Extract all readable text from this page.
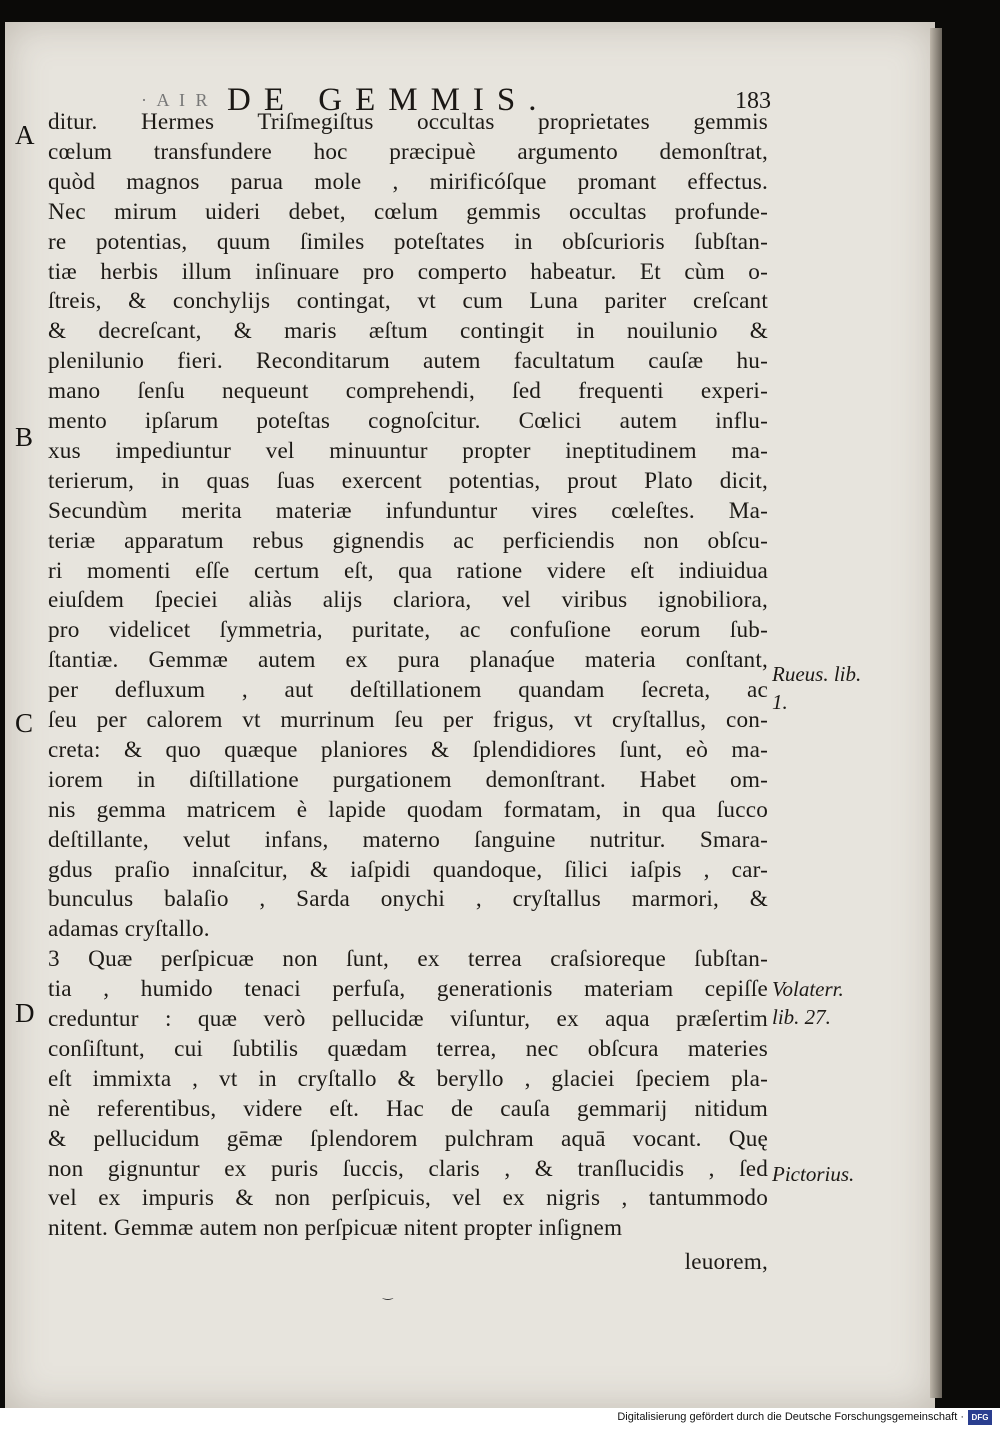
· A I R DE GEMMIS.	183
ditur. Hermes Triſmegiſtus occultas proprietates gemmis
cœlum transfundere hoc præcipuè argumento demonſtrat,
quòd magnos parua mole , mirificóſque promant effectus.
Nec mirum uideri debet, cœlum gemmis occultas profunde-
re potentias, quum ſimiles poteſtates in obſcurioris ſubſtan-
tiæ herbis illum inſinuare pro comperto habeatur. Et cùm o-
ſtreis, & conchylijs contingat, vt cum Luna pariter creſcant
& decreſcant, & maris æſtum contingit in nouilunio &
plenilunio fieri. Reconditarum autem facultatum cauſæ hu-
mano ſenſu nequeunt comprehendi, ſed frequenti experi-
mento ipſarum poteſtas cognoſcitur. Cœlici autem influ-
xus impediuntur vel minuuntur propter ineptitudinem ma-
terierum, in quas ſuas exercent potentias, prout Plato dicit,
Secundùm merita materiæ infunduntur vires cœleſtes. Ma-
teriæ apparatum rebus gignendis ac perficiendis non obſcu-
ri momenti eſſe certum eſt, qua ratione videre eſt indiuidua
eiuſdem ſpeciei aliàs alijs clariora, vel viribus ignobiliora,
pro videlicet ſymmetria, puritate, ac confuſione eorum ſub-
ſtantiæ. Gemmæ autem ex pura planaq́ue materia conſtant,
per defluxum , aut deſtillationem quandam ſecreta, ac
ſeu per calorem vt murrinum ſeu per frigus, vt cryſtallus, con-
creta: & quo quæque planiores & ſplendidiores ſunt, eò ma-
iorem in diſtillatione purgationem demonſtrant. Habet om-
nis gemma matricem è lapide quodam formatam, in qua ſucco
deſtillante, velut infans, materno ſanguine nutritur. Smara-
gdus praſio innaſcitur, & iaſpidi quandoque, ſilici iaſpis , car-
bunculus balaſio , Sarda onychi , cryſtallus marmori, &
adamas cryſtallo.
3 Quæ perſpicuæ non ſunt, ex terrea craſsioreque ſubſtan-
tia , humido tenaci perfuſa, generationis materiam cepiſſe
creduntur : quæ verò pellucidæ viſuntur, ex aqua præſertim
conſiſtunt, cui ſubtilis quædam terrea, nec obſcura materies
eſt immixta , vt in cryſtallo & beryllo , glaciei ſpeciem pla-
nè referentibus, videre eſt. Hac de cauſa gemmarij nitidum
& pellucidum gēmæ ſplendorem pulchram aquā vocant. Quę
non gignuntur ex puris ſuccis, claris , & tranſlucidis , ſed
vel ex impuris & non perſpicuis, vel ex nigris , tantummodo
nitent. Gemmæ autem non perſpicuæ nitent propter inſignem
leuorem,
A
B
C
D
Rueus. lib.
1.
Volaterr.
lib. 27.
Pictorius.
‿
Digitalisierung gefördert durch die Deutsche Forschungsgemeinschaft · DFG
